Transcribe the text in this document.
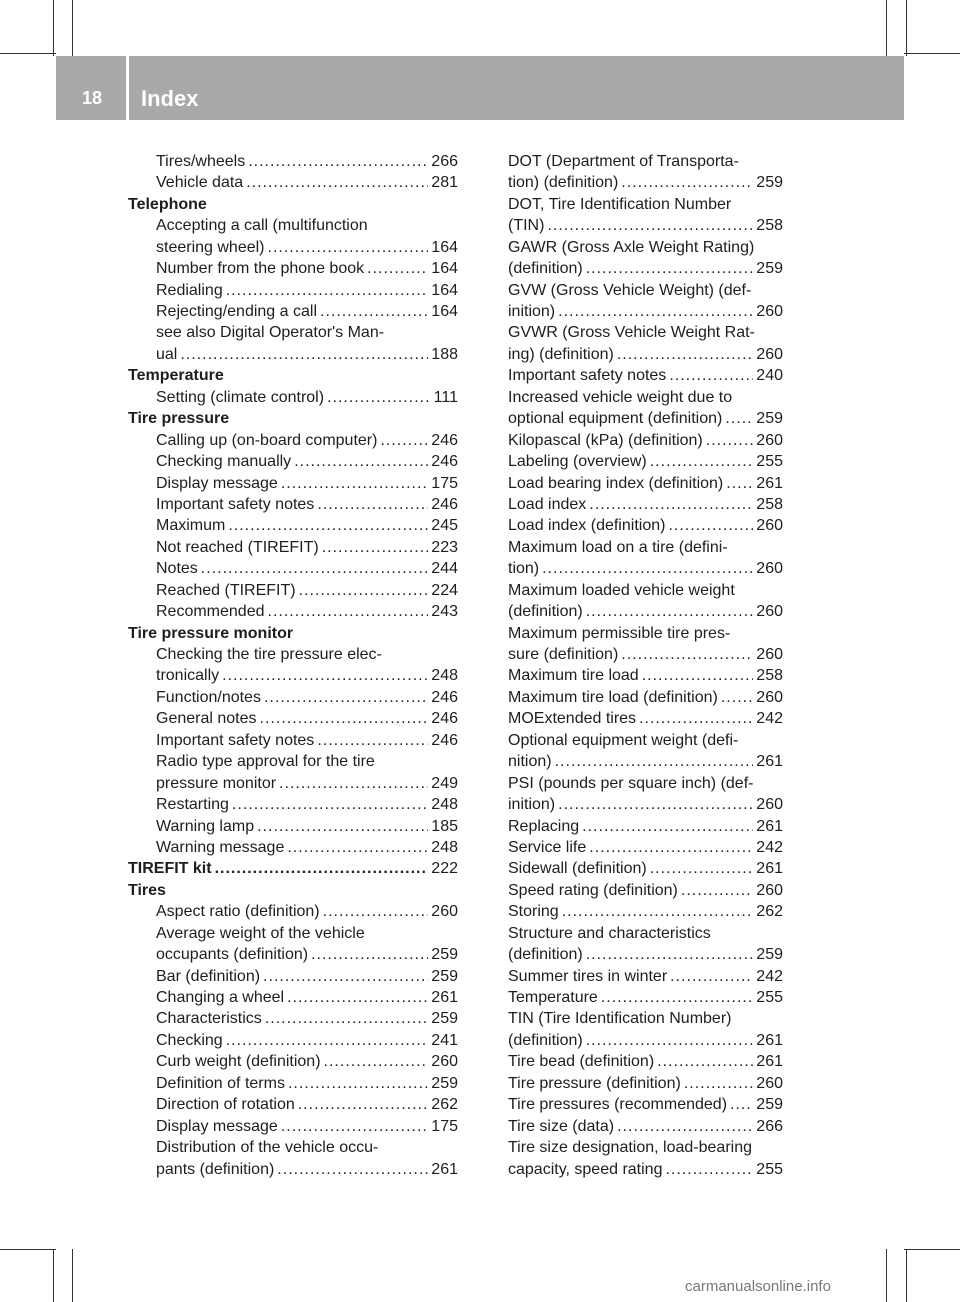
18	Index
Tires/wheels .....	266
Vehicle data .....	281
Telephone
Accepting a call (multifunction
steering wheel) .....	164
Number from the phone book .....	164
Redialing .....	164
Rejecting/ending a call .....	164
see also Digital Operator's Man-
ual .....	188
Temperature
Setting (climate control) .....	111
Tire pressure
Calling up (on-board computer) .....	246
Checking manually .....	246
Display message .....	175
Important safety notes .....	246
Maximum .....	245
Not reached (TIREFIT) .....	223
Notes .....	244
Reached (TIREFIT) .....	224
Recommended .....	243
Tire pressure monitor
Checking the tire pressure elec-
tronically .....	248
Function/notes .....	246
General notes .....	246
Important safety notes .....	246
Radio type approval for the tire
pressure monitor .....	249
Restarting .....	248
Warning lamp .....	185
Warning message .....	248
TIREFIT kit .....	222
Tires
Aspect ratio (definition) .....	260
Average weight of the vehicle
occupants (definition) .....	259
Bar (definition) .....	259
Changing a wheel .....	261
Characteristics .....	259
Checking .....	241
Curb weight (definition) .....	260
Definition of terms .....	259
Direction of rotation .....	262
Display message .....	175
Distribution of the vehicle occu-
pants (definition) .....	261
DOT (Department of Transporta-
tion) (definition) .....	259
DOT, Tire Identification Number
(TIN) .....	258
GAWR (Gross Axle Weight Rating)
(definition) .....	259
GVW (Gross Vehicle Weight) (def-
inition) .....	260
GVWR (Gross Vehicle Weight Rat-
ing) (definition) .....	260
Important safety notes .....	240
Increased vehicle weight due to
optional equipment (definition) ..... 259
Kilopascal (kPa) (definition) .....	260
Labeling (overview) .....	255
Load bearing index (definition) ..... 261
Load index .....	258
Load index (definition) .....	260
Maximum load on a tire (defini-
tion) .....	260
Maximum loaded vehicle weight
(definition) .....	260
Maximum permissible tire pres-
sure (definition) .....	260
Maximum tire load .....	258
Maximum tire load (definition) ..... 260
MOExtended tires .....	242
Optional equipment weight (defi-
nition) .....	261
PSI (pounds per square inch) (def-
inition) .....	260
Replacing .....	261
Service life .....	242
Sidewall (definition) .....	261
Speed rating (definition) .....	260
Storing .....	262
Structure and characteristics
(definition) .....	259
Summer tires in winter .....	242
Temperature .....	255
TIN (Tire Identification Number)
(definition) .....	261
Tire bead (definition) .....	261
Tire pressure (definition) .....	260
Tire pressures (recommended) ..... 259
Tire size (data) .....	266
Tire size designation, load-bearing
capacity, speed rating .....	255
carmanualsonline.info
